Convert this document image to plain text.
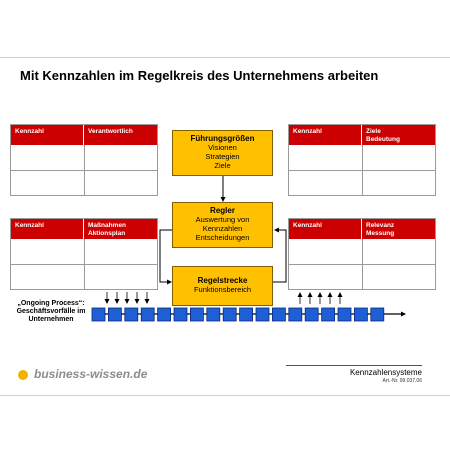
Mit Kennzahlen im Regelkreis des Unternehmens arbeiten
Kennzahl	Verantwortlich

Kennzahl	Maßnahmen
Aktionsplan
Kennzahl	Ziele
Bedeutung
Kennzahl	Relevanz
Messung
Führungsgrößen
Visionen
Strategien
Ziele
Regler
Auswertung von
Kennzahlen
Entscheidungen
Regelstrecke
Funktionsbereich
„Ongoing Process“:
Geschäftsvorfälle im
Unternehmen
business-wissen.de	Kennzahlensysteme
Art.-Nr. 99.037.06
